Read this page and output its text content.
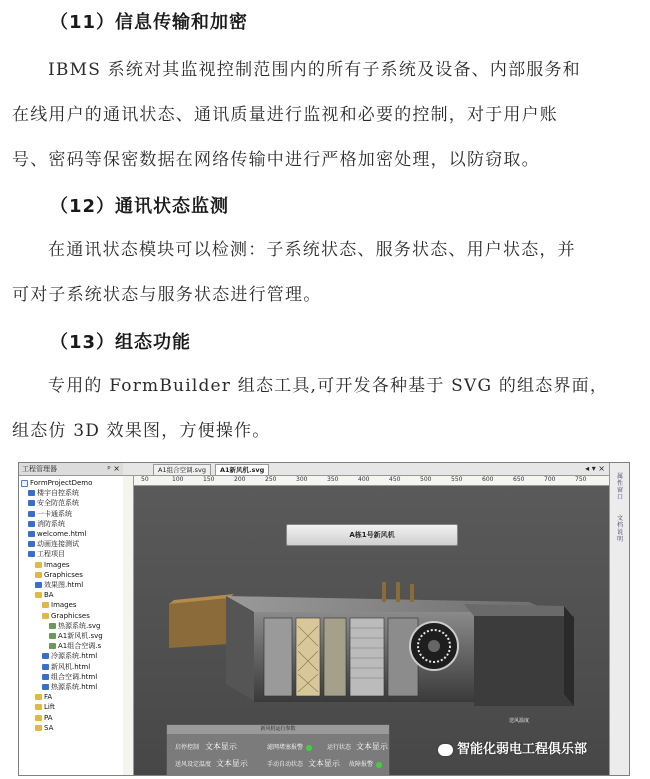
（11）信息传输和加密
IBMS 系统对其监视控制范围内的所有子系统及设备、内部服务和
在线用户的通讯状态、通讯质量进行监视和必要的控制，对于用户账
号、密码等保密数据在网络传输中进行严格加密处理，以防窃取。
（12）通讯状态监测
在通讯状态模块可以检测：子系统状态、服务状态、用户状态，并
可对子系统状态与服务状态进行管理。
（13）组态功能
专用的 FormBuilder 组态工具,可开发各种基于 SVG 的组态界面，
组态仿 3D 效果图，方便操作。
工程管理器	ᵖ ×
FormProjectDemo
楼宇自控系统
安全防范系统
一卡通系统
消防系统
welcome.html
动画连接测试
工程项目
Images
Graphicses
效果图.html
BA
Images
Graphicses
热源系统.svg
A1新风机.svg
A1组合空调.s
冷源系统.html
新风机.html
组合空调.html
热源系统.html
FA
Lift
PA
SA
A1组合空调.svg	A1新风机.svg	◂ ▾ ×
50	100	150	200	250	300	350	400	450	500	550	600	650	700	750
送风温度
A栋1号新风机
新风机运行参数
启停控制 文本显示	滤网堵塞报警	运行状态 文本显示
送风设定温度 文本显示	手动自动状态 文本显示 故障报警
属性窗口
文档说明
智能化弱电工程俱乐部
